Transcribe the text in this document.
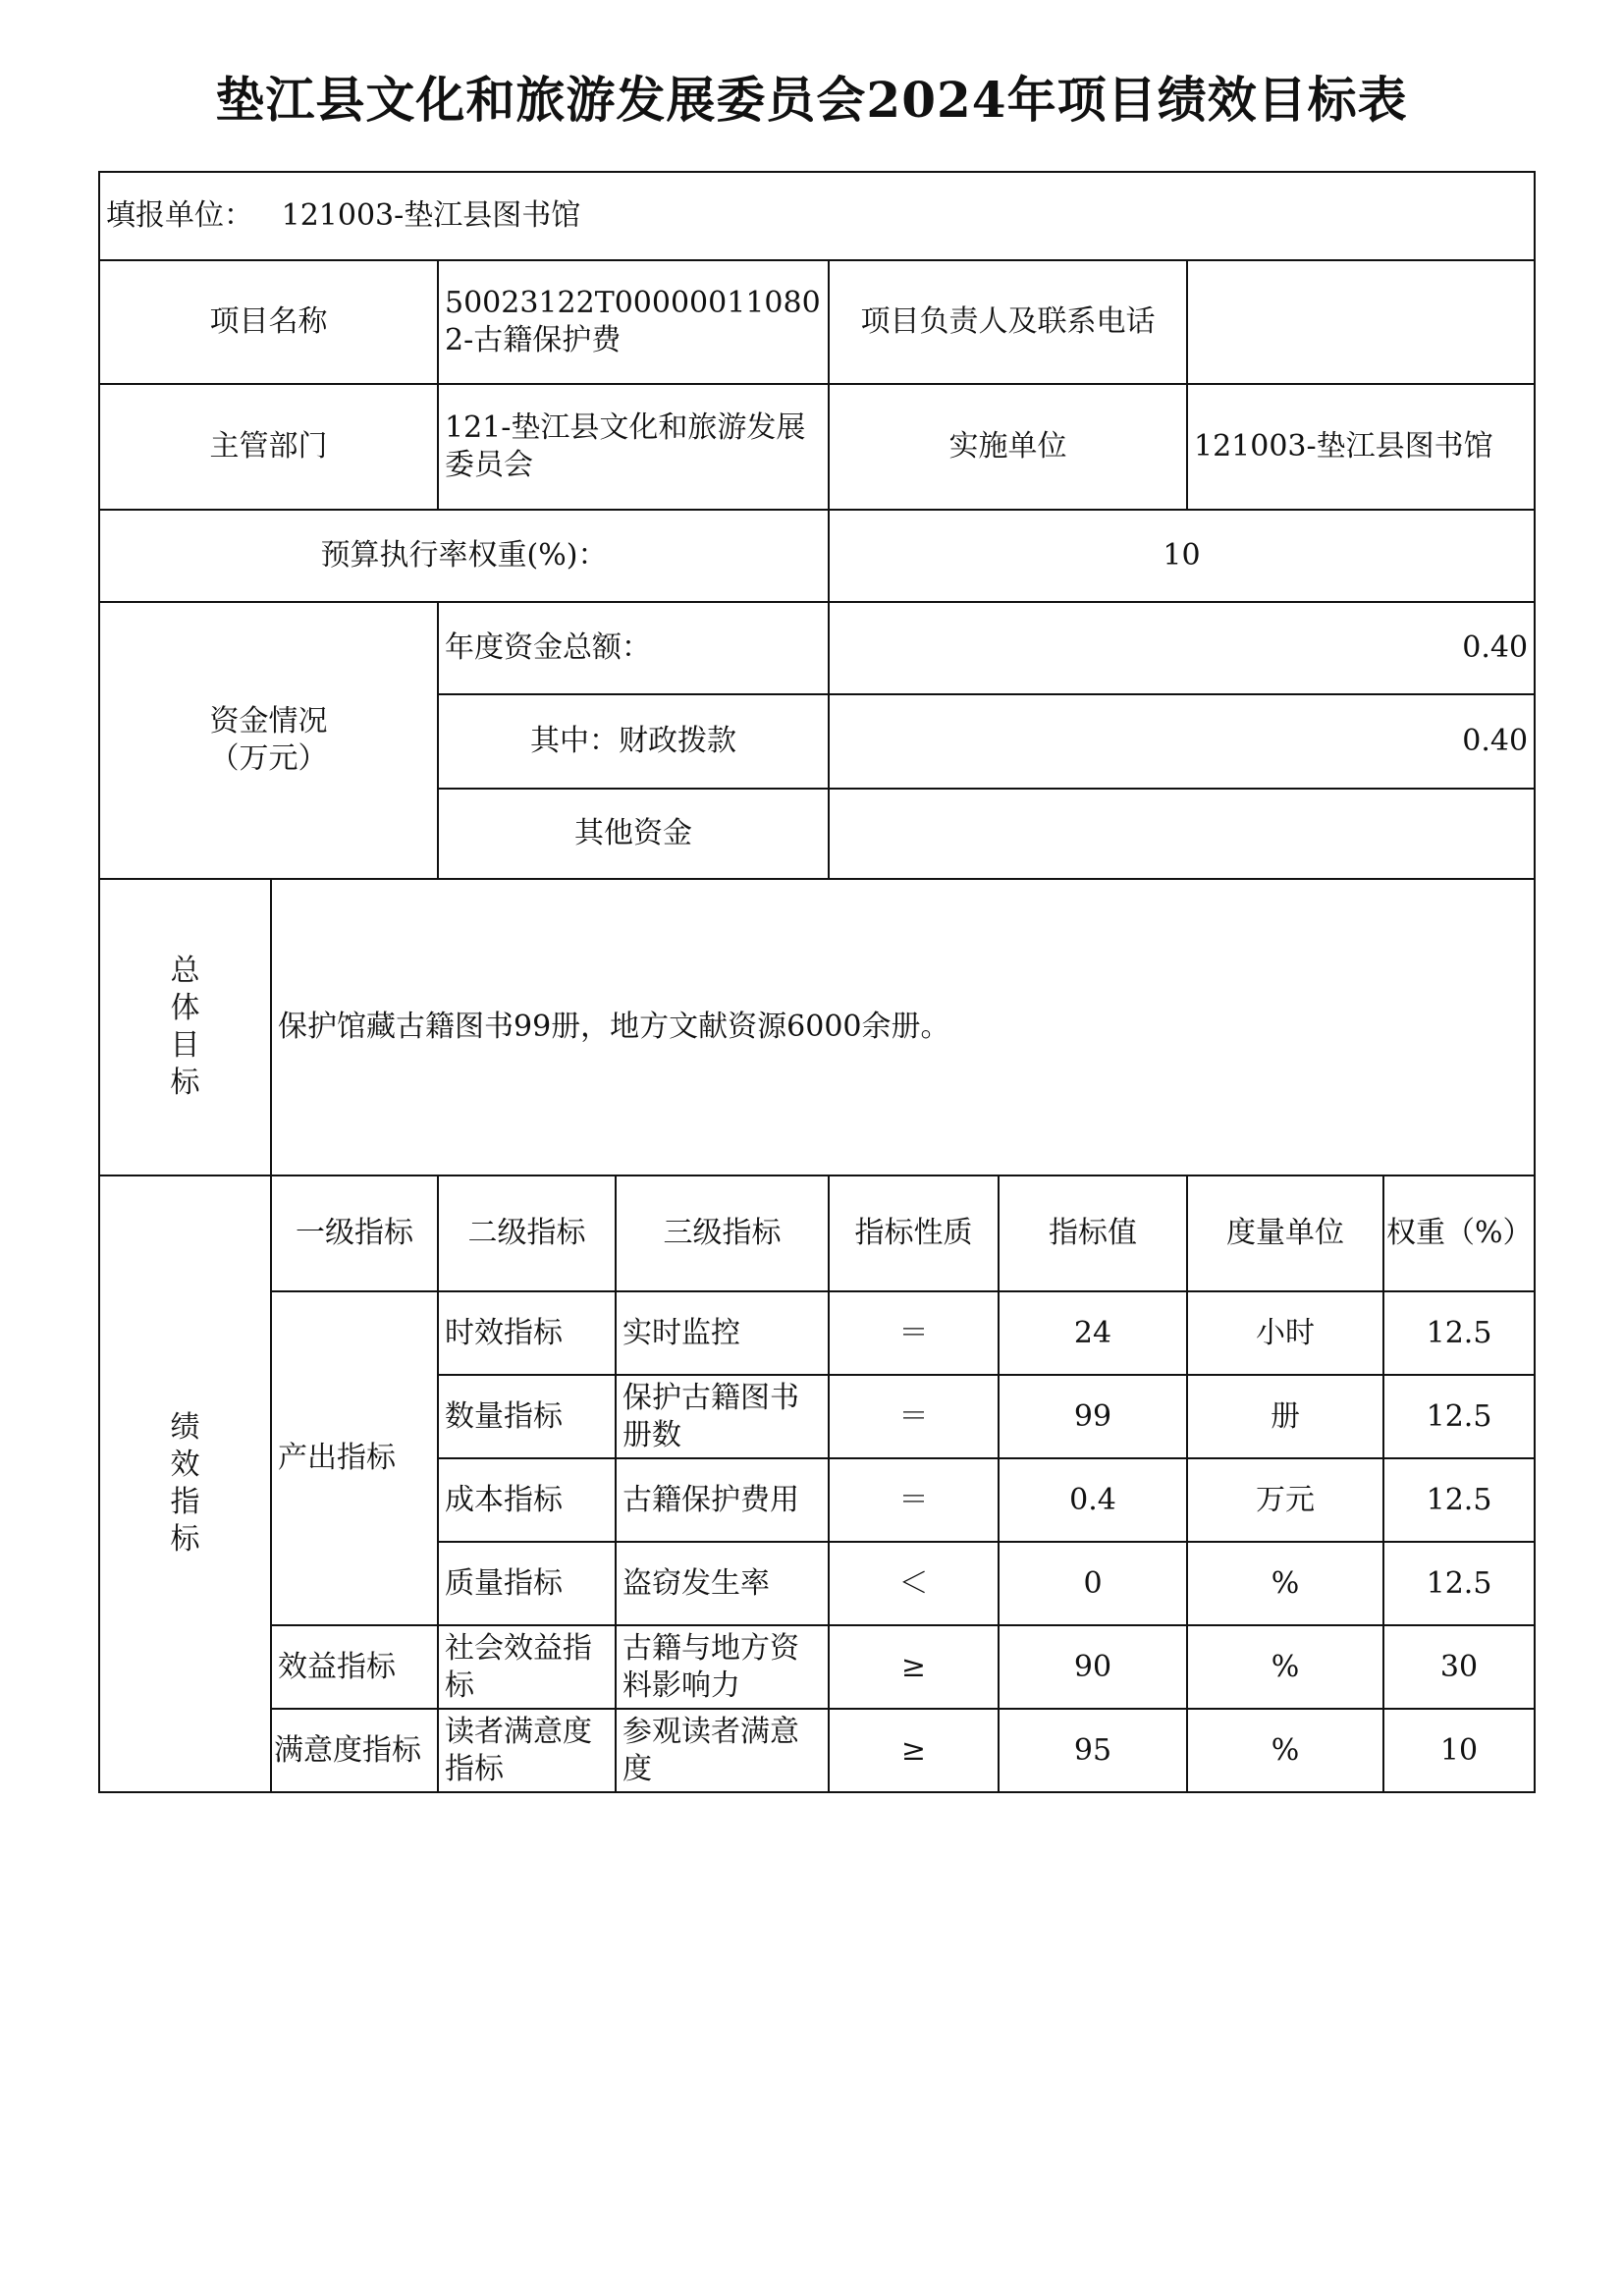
垫江县文化和旅游发展委员会2024年项目绩效目标表
填报单位： 121003-垫江县图书馆							
项目名称		50023122T000000110802-古籍保护费		项目负责人及联系电话			
主管部门		121-垫江县文化和旅游发展委员会		实施单位		121003-垫江县图书馆	
预算执行率权重(%)：				10			

资金情况
（万元）		年度资金总额：		0.40			
		其中：财政拨款		0.40			
		其他资金					

总
体
目
标	保护馆藏古籍图书99册，地方文献资源6000余册。						

绩
效
指
标	一级指标	二级指标	三级指标	指标性质	指标值	度量单位	权重（%）
	产出指标	时效指标	实时监控	＝	24	小时	12.5
		数量指标	保护古籍图书册数	＝	99	册	12.5
		成本指标	古籍保护费用	＝	0.4	万元	12.5
		质量指标	盗窃发生率	＜	0	%	12.5
	效益指标	社会效益指标	古籍与地方资料影响力	≥	90	%	30
	满意度指标	读者满意度指标	参观读者满意度	≥	95	%	10
